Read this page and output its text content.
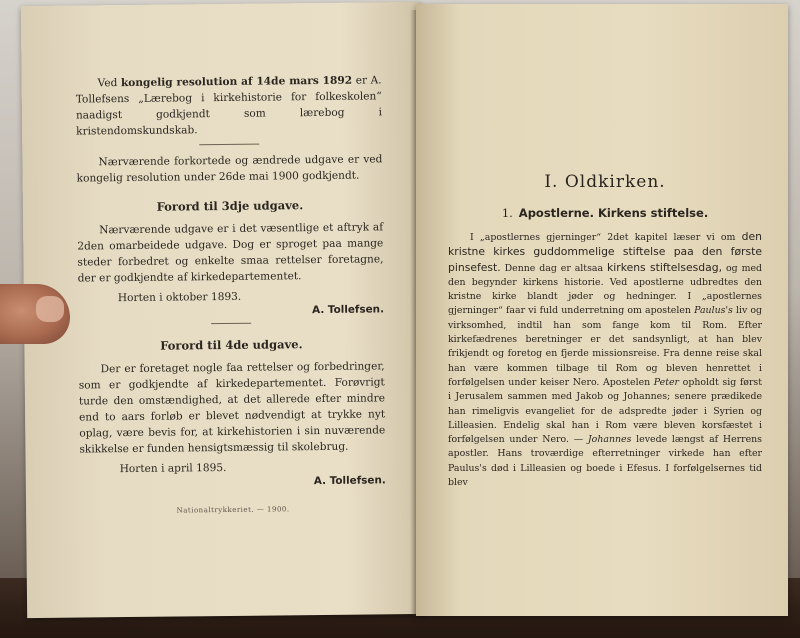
Ved kongelig resolution af 14de mars 1892 er A. Tollefsens „Lærebog i kirkehistorie for folkeskolen“ naadigst godkjendt som lærebog i kristendomskundskab.

Nærværende forkortede og ændrede udgave er ved kongelig resolution under 26de mai 1900 godkjendt.

Forord til 3dje udgave.

Nærværende udgave er i det væsentlige et aftryk af 2den omarbeidede udgave. Dog er sproget paa mange steder forbedret og enkelte smaa rettelser foretagne, der er godkjendte af kirkedepartementet.

Horten i oktober 1893.
A. Tollefsen.
Forord til 4de udgave.

Der er foretaget nogle faa rettelser og forbedringer, som er godkjendte af kirkedepartementet. Forøvrigt turde den omstændighed, at det allerede efter mindre end to aars forløb er blevet nødvendigt at trykke nyt oplag, være bevis for, at kirkehistorien i sin nuværende skikkelse er funden hensigtsmæssig til skolebrug.

Horten i april 1895.
A. Tollefsen.
Nationaltrykkeriet. — 1900.
I. Oldkirken.
1. Apostlerne. Kirkens stiftelse.

I „apostlernes gjerninger“ 2det kapitel læser vi om den kristne kirkes guddommelige stiftelse paa den første pinsefest. Denne dag er altsaa kirkens stiftelsesdag, og med den begynder kirkens historie. Ved apostlerne udbredtes den kristne kirke blandt jøder og hedninger. I „apostlernes gjerninger“ faar vi fuld underretning om apostelen Paulus's liv og virksomhed, indtil han som fange kom til Rom. Efter kirkefædrenes beretninger er det sandsynligt, at han blev frikjendt og foretog en fjerde missionsreise. Fra denne reise skal han være kommen tilbage til Rom og bleven henrettet i forfølgelsen under keiser Nero. Apostelen Peter opholdt sig først i Jerusalem sammen med Jakob og Johannes; senere prædikede han rimeligvis evangeliet for de adspredte jøder i Syrien og Lilleasien. Endelig skal han i Rom være bleven korsfæstet i forfølgelsen under Nero. — Johannes levede længst af Herrens apostler. Hans troværdige efterretninger virkede han efter Paulus's død i Lilleasien og boede i Efesus. I forfølgelsernes tid blev
